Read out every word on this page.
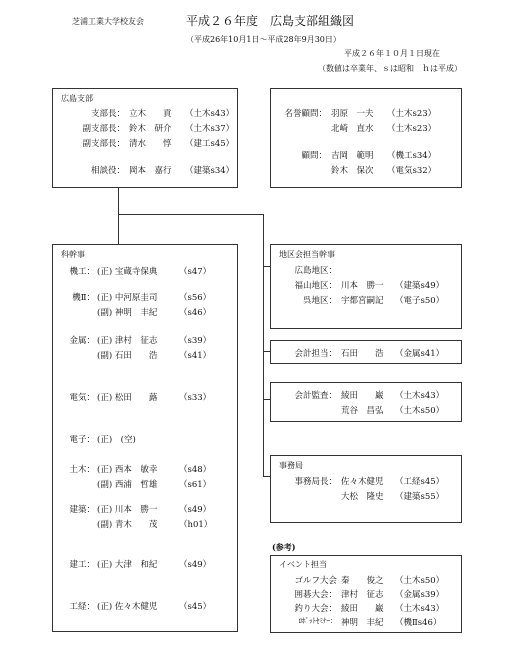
芝浦工業大学校友会	平成２６年度　広島支部組織図
（平成26年10月1日～平成28年9月30日）
平成２６年１０月１日現在
（数値は卒業年、ｓは昭和　ｈは平成）
広島支部
支部長： 立木　　貢 （土木s43）
副支部長： 鈴木　研介 （土木s37）
副支部長： 清水　　惇 （建工s45）
相談役： 岡本　嘉行 （建築s34）
名誉顧問： 羽原　一夫 （土木s23）
北崎　直水 （土木s23）
顧問： 吉岡　範明 （機工s34）
鈴木　保次 （電気s32）
科幹事
機工： (正) 宝蔵寺保典	（s47）
機Ⅱ： (正) 中河原圭司	（s56）
(副) 神明　丰紀	（s46）
金属： (正) 津村　征志	（s39）
(副) 石田　　浩	（s41）
電気： (正) 松田　　蕗	（s33）
電子： (正)　(空)
土木： (正) 西本　敏幸	（s48）
(副) 西浦　哲雄	（s61）
建築： (正) 川本　勝一	（s49）
(副) 青木　　茂	（h01）
建工： (正) 大津　和紀	（s49）
工経： (正) 佐々木健児	（s45）
地区会担当幹事
広島地区：
福山地区： 川本　勝一 （建築s49）
呉地区： 宇都宮嗣記 （電子s50）
会計担当： 石田　　浩 （金属s41）
会計監査： 綾田　　巌 （土木s43）
荒谷　昌弘 （土木s50）
事務局
事務局長： 佐々木健児 （工経s45）
大松　隆史 （建築s55）
(参考)
イベント担当
ゴルフ大会 秦　　俊之 （土木s50）
囲碁大会： 津村　征志 （金属s39）
釣り大会： 綾田　　巌 （土木s43）
ﾛﾎﾞｯﾄｾﾐﾅｰ： 神明　丰紀 （機Ⅱs46）
